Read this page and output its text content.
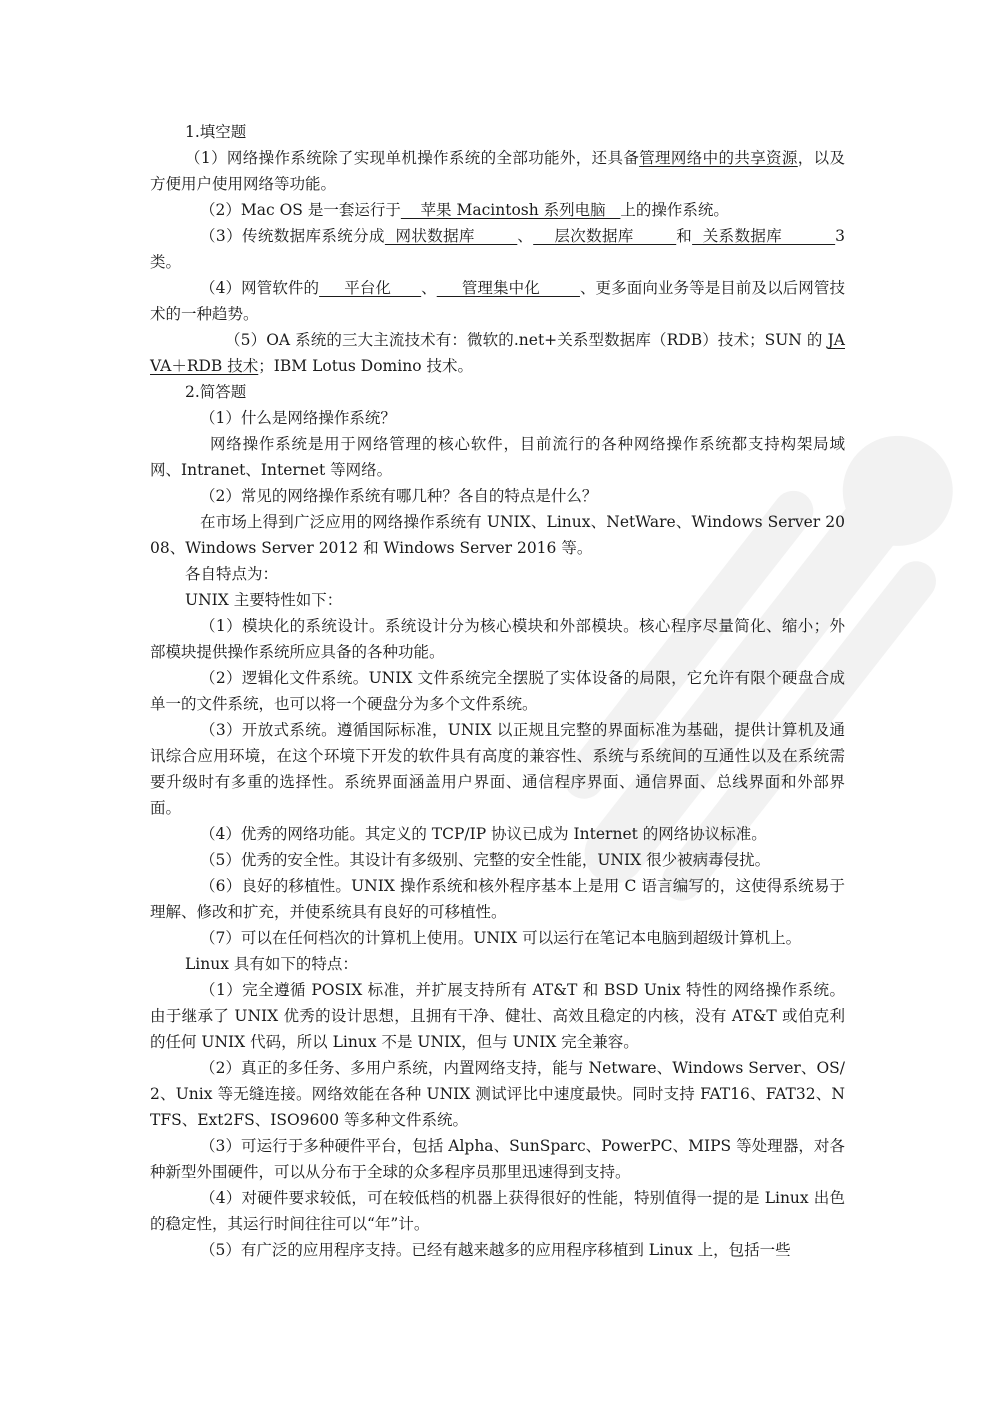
1.填空题

（1）网络操作系统除了实现单机操作系统的全部功能外，还具备管理网络中的共享资源，以及方便用户使用网络等功能。

（2）Mac OS 是一套运行于    苹果 Macintosh 系列电脑   上的操作系统。

（3）传统数据库系统分成  网状数据库        、    层次数据库        和  关系数据库          3 类。

（4）网管软件的     平台化      、     管理集中化        、更多面向业务等是目前及以后网管技术的一种趋势。

（5）OA 系统的三大主流技术有：微软的.net+关系型数据库（RDB）技术；SUN 的 JAVA＋RDB 技术；IBM Lotus Domino 技术。

2.简答题

（1）什么是网络操作系统？

网络操作系统是用于网络管理的核心软件，目前流行的各种网络操作系统都支持构架局域网、Intranet、Internet 等网络。

（2）常见的网络操作系统有哪几种？各自的特点是什么？

在市场上得到广泛应用的网络操作系统有 UNIX、Linux、NetWare、Windows Server 2008、Windows Server 2012 和 Windows Server 2016 等。

各自特点为：

UNIX 主要特性如下：

（1）模块化的系统设计。系统设计分为核心模块和外部模块。核心程序尽量简化、缩小；外部模块提供操作系统所应具备的各种功能。

（2）逻辑化文件系统。UNIX 文件系统完全摆脱了实体设备的局限，它允许有限个硬盘合成单一的文件系统，也可以将一个硬盘分为多个文件系统。

（3）开放式系统。遵循国际标准，UNIX 以正规且完整的界面标准为基础，提供计算机及通讯综合应用环境，在这个环境下开发的软件具有高度的兼容性、系统与系统间的互通性以及在系统需要升级时有多重的选择性。系统界面涵盖用户界面、通信程序界面、通信界面、总线界面和外部界面。

（4）优秀的网络功能。其定义的 TCP/IP 协议已成为 Internet 的网络协议标准。

（5）优秀的安全性。其设计有多级别、完整的安全性能，UNIX 很少被病毒侵扰。

（6）良好的移植性。UNIX 操作系统和核外程序基本上是用 C 语言编写的，这使得系统易于理解、修改和扩充，并使系统具有良好的可移植性。

（7）可以在任何档次的计算机上使用。UNIX 可以运行在笔记本电脑到超级计算机上。

Linux 具有如下的特点：

（1）完全遵循 POSIX 标准，并扩展支持所有 AT&T 和 BSD Unix 特性的网络操作系统。由于继承了 UNIX 优秀的设计思想，且拥有干净、健壮、高效且稳定的内核，没有 AT&T 或伯克利的任何 UNIX 代码，所以 Linux 不是 UNIX，但与 UNIX 完全兼容。

（2）真正的多任务、多用户系统，内置网络支持，能与 Netware、Windows Server、OS/2、Unix 等无缝连接。网络效能在各种 UNIX 测试评比中速度最快。同时支持 FAT16、FAT32、NTFS、Ext2FS、ISO9600 等多种文件系统。

（3）可运行于多种硬件平台，包括 Alpha、SunSparc、PowerPC、MIPS 等处理器，对各种新型外围硬件，可以从分布于全球的众多程序员那里迅速得到支持。

（4）对硬件要求较低，可在较低档的机器上获得很好的性能，特别值得一提的是 Linux 出色的稳定性，其运行时间往往可以“年”计。

（5）有广泛的应用程序支持。已经有越来越多的应用程序移植到 Linux 上，包括一些
